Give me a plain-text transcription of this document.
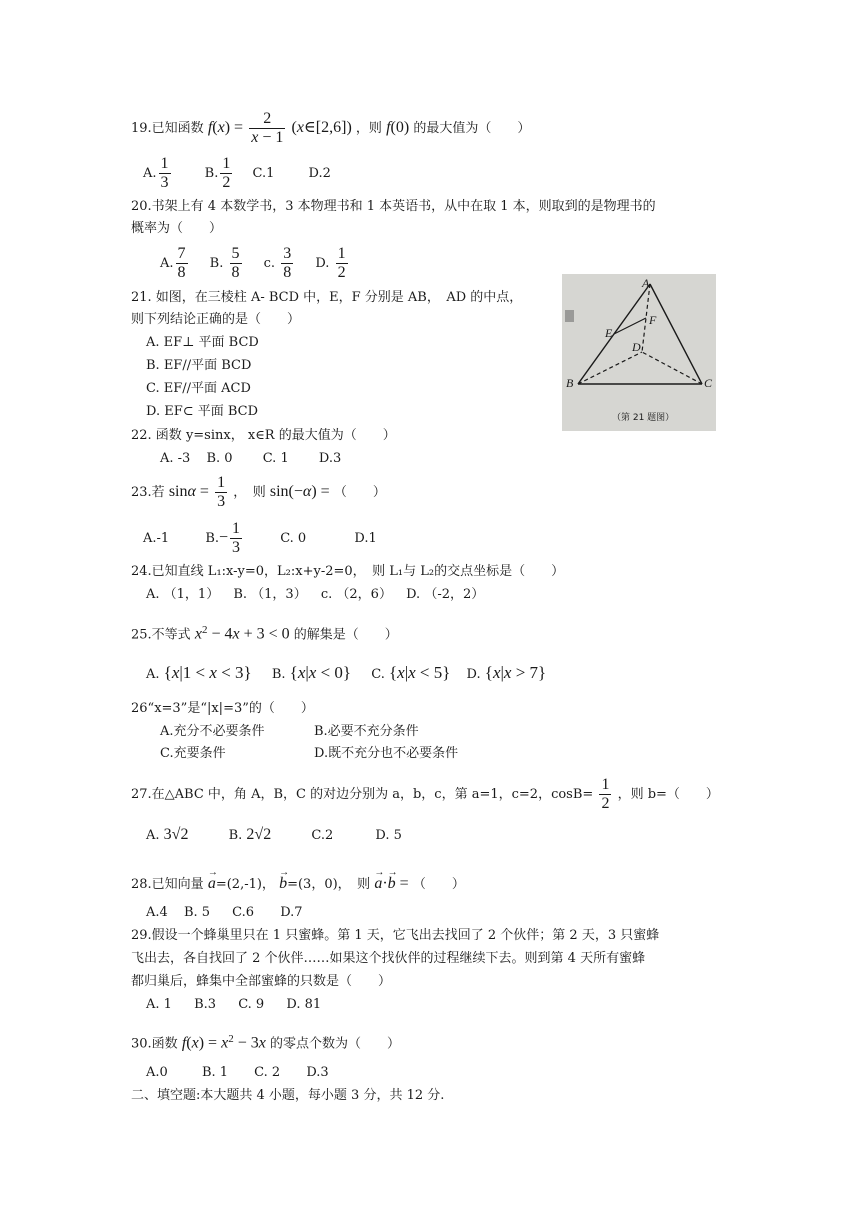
19.已知函数 $f(x) = \frac{2}{x - 1}$ (x∈[2,6]) ，则 f(0) 的最大值为（　　）
A. $\frac{1}{3}$	B. $\frac{1}{2} C.1$	D.2
20.书架上有 4 本数学书，3 本物理书和 1 本英语书，从中在取 1 本，则取到的是物理书的
概率为（　　）
A. $\frac{7}{8} B$. $\frac{5}{8} c$. $\frac{3}{8} D$. $\frac{1}{2}$
21. 如图，在三棱柱 A- BCD 中，E，F 分别是 AB，　AD 的中点，
则下列结论正确的是（　　）
A. EF⊥ 平面 BCD
B. EF//平面 BCD
C. EF//平面 ACD
D. EF⊂ 平面 BCD
A
B	C
D
E
F
（第 21 题图）
22. 函数 y=sinx， x∈R 的最大值为（　　）
A. -3 B. 0 C. 1 D.3
23.若 $\sin\alpha = \frac{1}{3}$ ，　则 sin(−α) = （　　）
A.-1	$B.- \frac{1}{3}$	C. 0	D.1
24.已知直线 L₁:x-y=0，L₂:x+y-2=0，　则 L₁与 L₂的交点坐标是（　　）
A. （1，1） B. （1，3） c. （2，6） D. （-2，2）
25.不等式 $x^2 - 4x + 3 < 0$ 的解集是（　　）
A. {x|1 < x < 3} B. {x|x < 0} C. {x|x < 5} D. {x|x > 7}
26“x=3”是“|x|=3”的（　　）
A.充分不必要条件	B.必要不充分条件
C.充要条件	D.既不充分也不必要条件
27.在△ABC 中，角 A，B，C 的对边分别为 a，b，c，第 a=1，c=2，$\cos B= \frac{1}{2}$ ，则 b=（　　）
A. 3√2	B. 2√2	C.2	D. 5
28.已知向量 → a=(2,-1)， → b=(3，0)，　则 → a·→ b = （　　）
A.4 B. 5 C.6 D.7
29.假设一个蜂巢里只在 1 只蜜蜂。第 1 天，它飞出去找回了 2 个伙伴；第 2 天，3 只蜜蜂
飞出去，各自找回了 2 个伙伴……如果这个找伙伴的过程继续下去。则到第 4 天所有蜜蜂
都归巢后，蜂集中全部蜜蜂的只数是（　　）
A. 1 B.3 C. 9 D. 81
30.函数 $f(x) = x^2 - 3x$ 的零点个数为（　　）
A.0	B. 1 C. 2 D.3
二、填空题:本大题共 4 小题，每小题 3 分，共 12 分.
